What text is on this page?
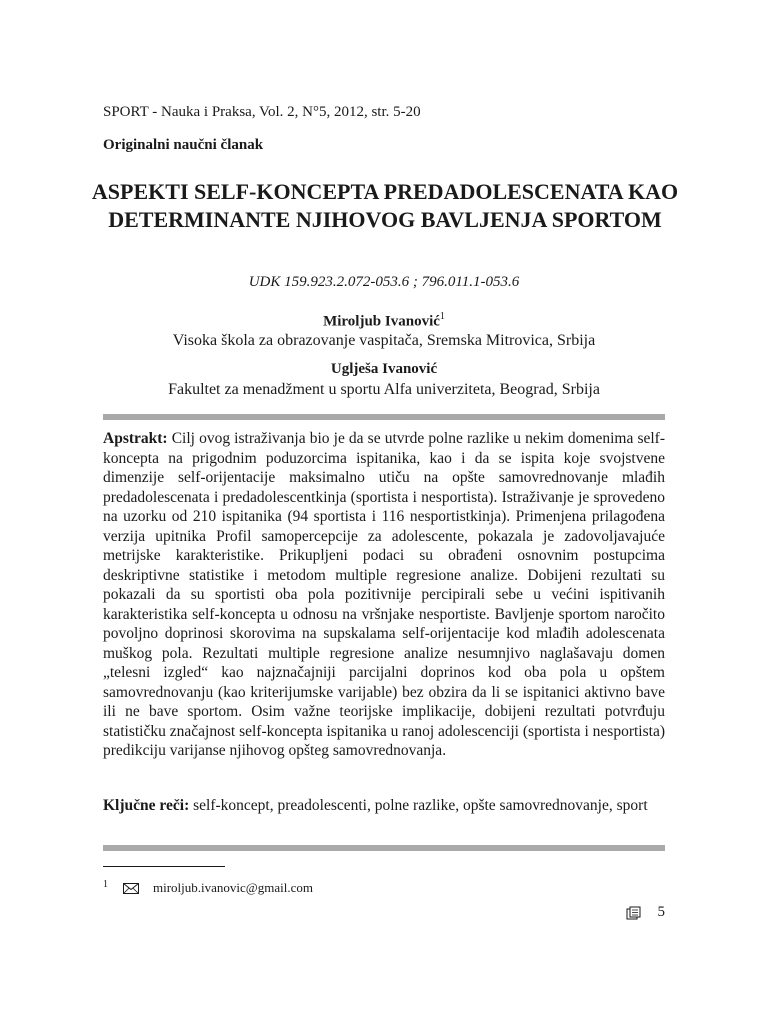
SPORT - Nauka i Praksa, Vol. 2, N°5, 2012, str. 5-20
Originalni naučni članak
ASPEKTI SELF-KONCEPTA PREDADOLESCENATA KAO DETERMINANTE NJIHOVOG BAVLJENJA SPORTOM
UDK 159.923.2.072-053.6 ; 796.011.1-053.6
Miroljub Ivanović$^1$
Visoka škola za obrazovanje vaspitača, Sremska Mitrovica, Srbija
Uglješa Ivanović
Fakultet za menadžment u sportu Alfa univerziteta, Beograd, Srbija
Apstrakt: Cilj ovog istraživanja bio je da se utvrde polne razlike u nekim domenima self-koncepta na prigodnim poduzorcima ispitanika, kao i da se ispita koje svojstvene dimenzije self-orijentacije maksimalno utiču na opšte samovrednovanje mlađih predadolescenata i predadolescentkinja (sportista i nesportista). Istraživanje je sprovedeno na uzorku od 210 ispitanika (94 sportista i 116 nesportistkinja). Primenjena prilagođena verzija upitnika Profil samopercepcije za adolescente, pokazala je zadovoljavajuće metrijske karakteristike. Prikupljeni podaci su obrađeni osnovnim postupcima deskriptivne statistike i metodom multiple regresione analize. Dobijeni rezultati su pokazali da su sportisti oba pola pozitivnije percipirali sebe u većini ispitivanih karakteristika self-koncepta u odnosu na vršnjake nesportiste. Bavljenje sportom naročito povoljno doprinosi skorovima na supskalama self-orijentacije kod mlađih adolescenata muškog pola. Rezultati multiple regresione analize nesumnjivo naglašavaju domen „telesni izgled“ kao najznačajniji parcijalni doprinos kod oba pola u opštem samovrednovanju (kao kriterijumske varijable) bez obzira da li se ispitanici aktivno bave ili ne bave sportom. Osim važne teorijske implikacije, dobijeni rezultati potvrđuju statističku značajnost self-koncepta ispitanika u ranoj adolescenciji (sportista i nesportista) predikciju varijanse njihovog opšteg samovrednovanja.
Ključne reči: self-koncept, preadolescenti, polne razlike, opšte samovrednovanje, sport
1	miroljub.ivanovic@gmail.com
5
